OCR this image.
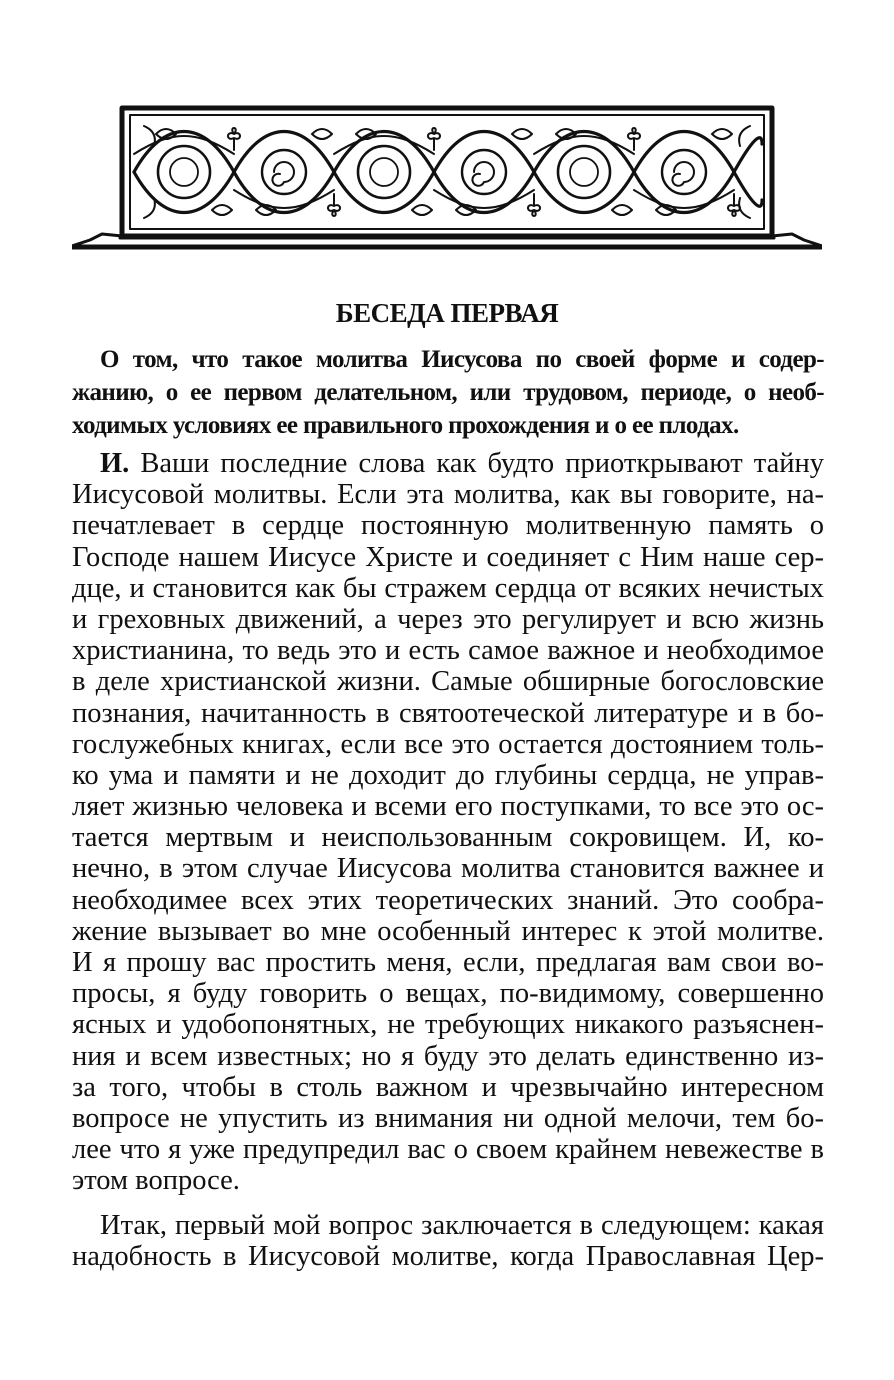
БЕСЕДА ПЕРВАЯ
О том, что такое молитва Иисусова по своей форме и содер-
жанию, о ее первом делательном, или трудовом, периоде, о необ-
ходимых условиях ее правильного прохождения и о ее плодах.
И. Ваши последние слова как будто приоткрывают тайну
Иисусовой молитвы. Если эта молитва, как вы говорите, на-
печатлевает в сердце постоянную молитвенную память о
Господе нашем Иисусе Христе и соединяет с Ним наше сер-
дце, и становится как бы стражем сердца от всяких нечистых
и греховных движений, а через это регулирует и всю жизнь
христианина, то ведь это и есть самое важное и необходимое
в деле христианской жизни. Самые обширные богословские
познания, начитанность в святоотеческой литературе и в бо-
гослужебных книгах, если все это остается достоянием толь-
ко ума и памяти и не доходит до глубины сердца, не управ-
ляет жизнью человека и всеми его поступками, то все это ос-
тается мертвым и неиспользованным сокровищем. И, ко-
нечно, в этом случае Иисусова молитва становится важнее и
необходимее всех этих теоретических знаний. Это сообра-
жение вызывает во мне особенный интерес к этой молитве.
И я прошу вас простить меня, если, предлагая вам свои во-
просы, я буду говорить о вещах, по-видимому, совершенно
ясных и удобопонятных, не требующих никакого разъяснен-
ния и всем известных; но я буду это делать единственно из-
за того, чтобы в столь важном и чрезвычайно интересном
вопросе не упустить из внимания ни одной мелочи, тем бо-
лее что я уже предупредил вас о своем крайнем невежестве в
этом вопросе.
Итак, первый мой вопрос заключается в следующем: какая
надобность в Иисусовой молитве, когда Православная Цер-
